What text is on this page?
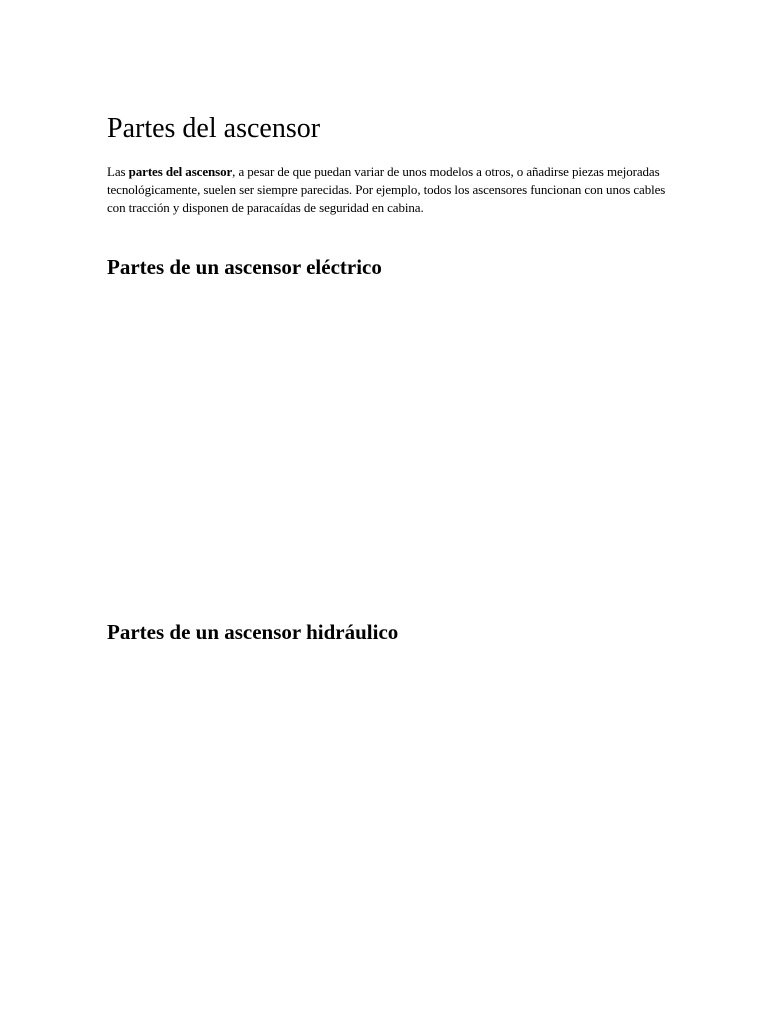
Partes del ascensor

Las partes del ascensor, a pesar de que puedan variar de unos modelos a otros, o añadirse piezas mejoradas tecnológicamente, suelen ser siempre parecidas. Por ejemplo, todos los ascensores funcionan con unos cables con tracción y disponen de paracaídas de seguridad en cabina.

Partes de un ascensor eléctrico
Partes de un ascensor hidráulico
